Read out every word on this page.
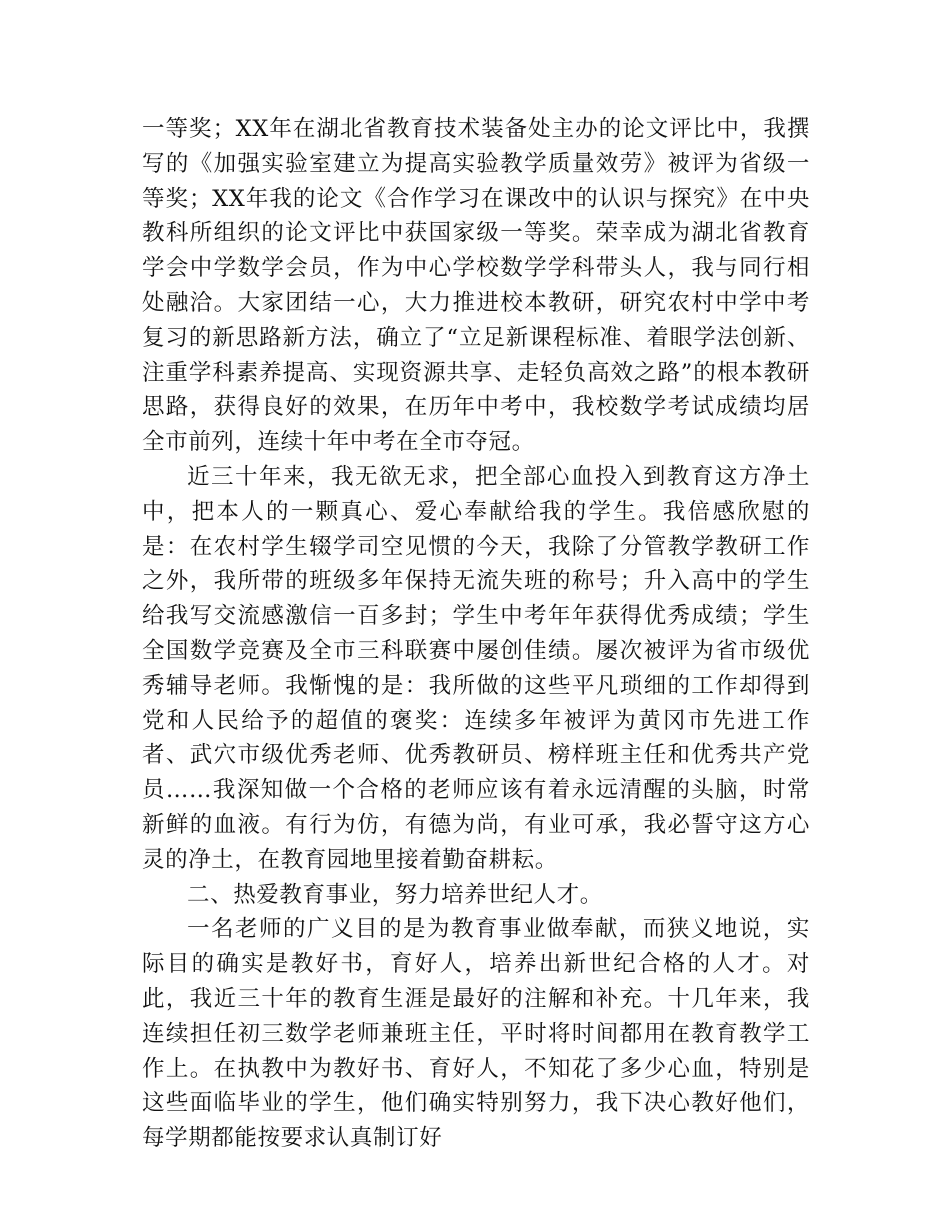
一等奖；XX年在湖北省教育技术装备处主办的论文评比中，我撰写的《加强实验室建立为提高实验教学质量效劳》被评为省级一等奖；XX年我的论文《合作学习在课改中的认识与探究》在中央教科所组织的论文评比中获国家级一等奖。荣幸成为湖北省教育学会中学数学会员，作为中心学校数学学科带头人，我与同行相处融洽。大家团结一心，大力推进校本教研，研究农村中学中考复习的新思路新方法，确立了“立足新课程标准、着眼学法创新、注重学科素养提高、实现资源共享、走轻负高效之路”的根本教研思路，获得良好的效果，在历年中考中，我校数学考试成绩均居全市前列，连续十年中考在全市夺冠。

近三十年来，我无欲无求，把全部心血投入到教育这方净土中，把本人的一颗真心、爱心奉献给我的学生。我倍感欣慰的是：在农村学生辍学司空见惯的今天，我除了分管教学教研工作之外，我所带的班级多年保持无流失班的称号；升入高中的学生给我写交流感激信一百多封；学生中考年年获得优秀成绩；学生全国数学竞赛及全市三科联赛中屡创佳绩。屡次被评为省市级优秀辅导老师。我惭愧的是：我所做的这些平凡琐细的工作却得到党和人民给予的超值的褒奖：连续多年被评为黄冈市先进工作者、武穴市级优秀老师、优秀教研员、榜样班主任和优秀共产党员……我深知做一个合格的老师应该有着永远清醒的头脑，时常新鲜的血液。有行为仿，有德为尚，有业可承，我必誓守这方心灵的净土，在教育园地里接着勤奋耕耘。

二、热爱教育事业，努力培养世纪人才。

一名老师的广义目的是为教育事业做奉献，而狭义地说，实际目的确实是教好书，育好人，培养出新世纪合格的人才。对此，我近三十年的教育生涯是最好的注解和补充。十几年来，我连续担任初三数学老师兼班主任，平时将时间都用在教育教学工作上。在执教中为教好书、育好人，不知花了多少心血，特别是这些面临毕业的学生，他们确实特别努力，我下决心教好他们，每学期都能按要求认真制订好
